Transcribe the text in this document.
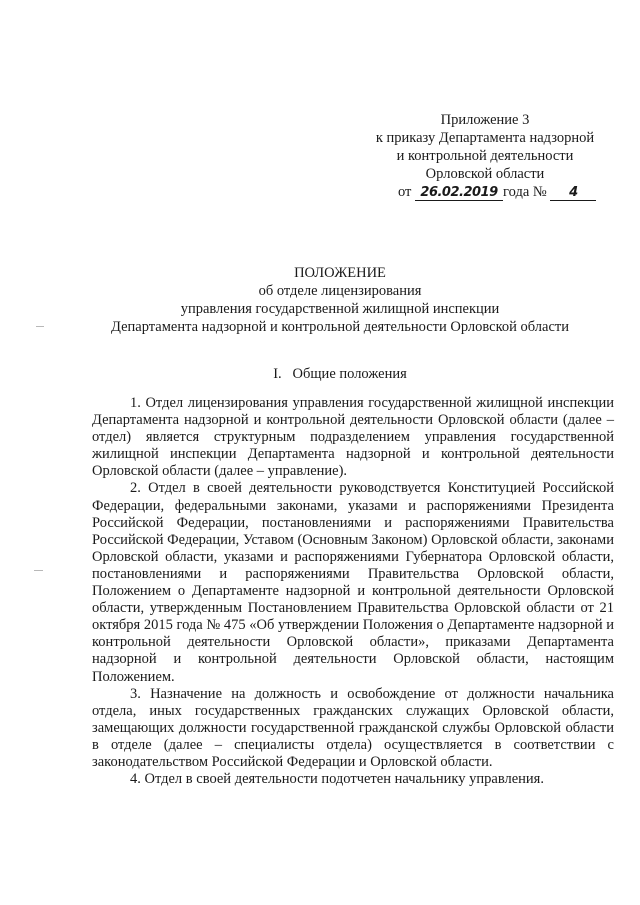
Приложение 3
к приказу Департамента надзорной
и контрольной деятельности
Орловской области
от 26.02.2019 года № 4
ПОЛОЖЕНИЕ
об отделе лицензирования
управления государственной жилищной инспекции
Департамента надзорной и контрольной деятельности Орловской области
I.   Общие положения

1. Отдел лицензирования управления государственной жилищной инспекции Департамента надзорной и контрольной деятельности Орловской области (далее – отдел) является структурным подразделением управления государственной жилищной инспекции Департамента надзорной и контрольной деятельности Орловской области (далее – управление).

2. Отдел в своей деятельности руководствуется Конституцией Российской Федерации, федеральными законами, указами и распоряжениями Президента Российской Федерации, постановлениями и распоряжениями Правительства Российской Федерации, Уставом (Основным Законом) Орловской области, законами Орловской области, указами и распоряжениями Губернатора Орловской области, постановлениями и распоряжениями Правительства Орловской области, Положением о Департаменте надзорной и контрольной деятельности Орловской области, утвержденным Постановлением Правительства Орловской области от 21 октября 2015 года № 475 «Об утверждении Положения о Департаменте надзорной и контрольной деятельности Орловской области», приказами Департамента надзорной и контрольной деятельности Орловской области, настоящим Положением.

3. Назначение на должность и освобождение от должности начальника отдела, иных государственных гражданских служащих Орловской области, замещающих должности государственной гражданской службы Орловской области в отделе (далее – специалисты отдела) осуществляется в соответствии с законодательством Российской Федерации и Орловской области.

4. Отдел в своей деятельности подотчетен начальнику управления.
